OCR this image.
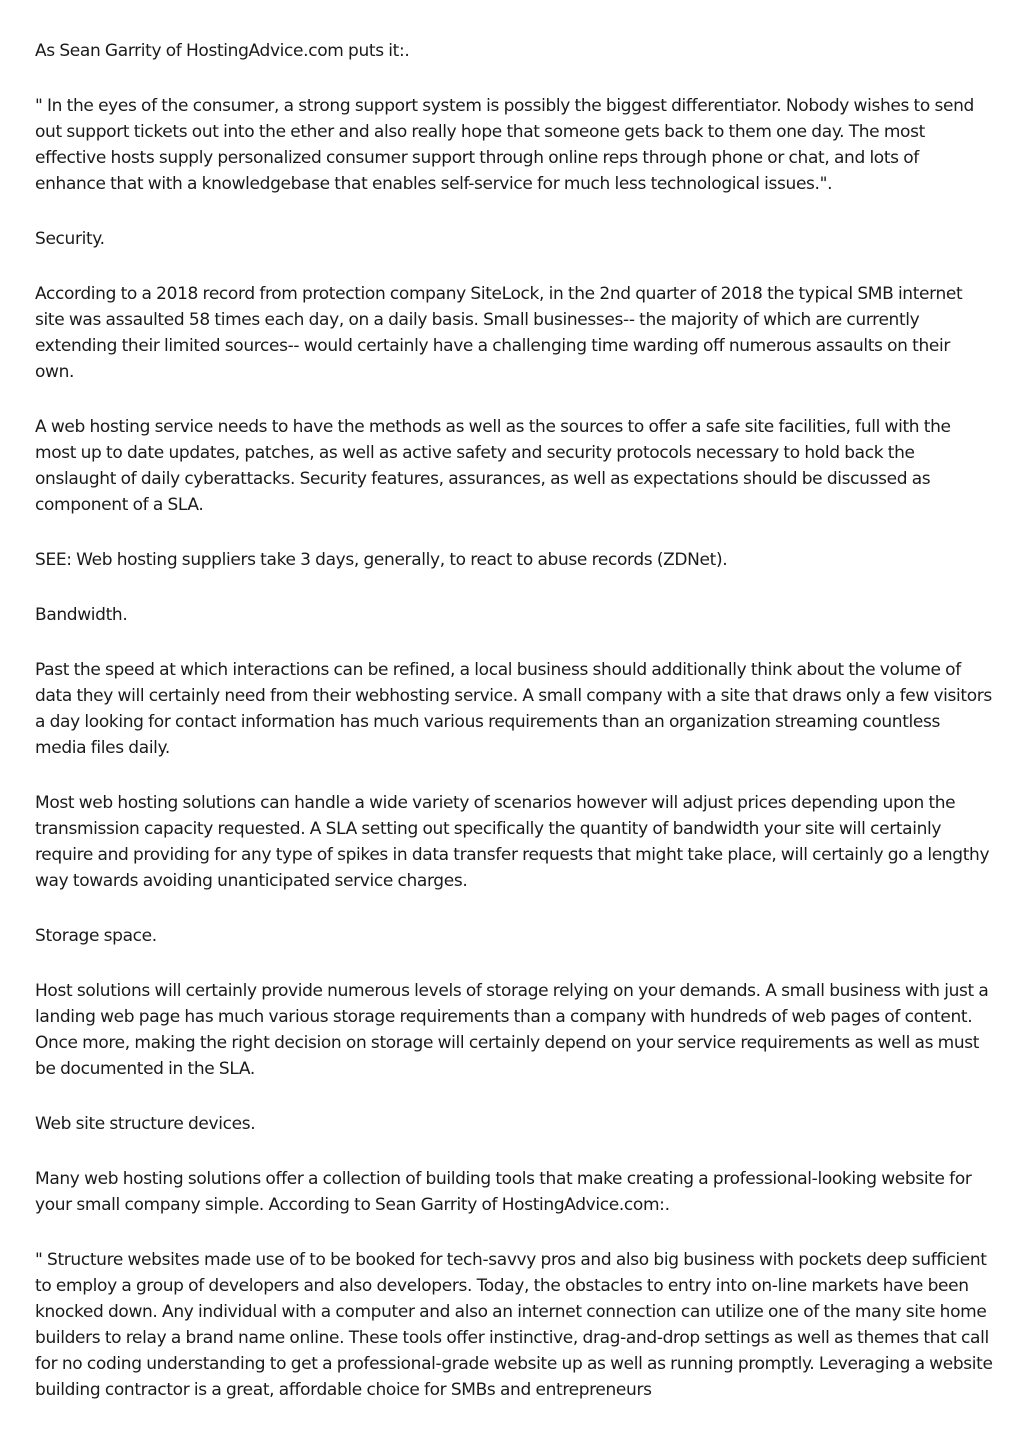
As Sean Garrity of HostingAdvice.com puts it:.

" In the eyes of the consumer, a strong support system is possibly the biggest differentiator. Nobody wishes to send out support tickets out into the ether and also really hope that someone gets back to them one day. The most effective hosts supply personalized consumer support through online reps through phone or chat, and lots of enhance that with a knowledgebase that enables self-service for much less technological issues.".

Security.

According to a 2018 record from protection company SiteLock, in the 2nd quarter of 2018 the typical SMB internet site was assaulted 58 times each day, on a daily basis. Small businesses-- the majority of which are currently extending their limited sources-- would certainly have a challenging time warding off numerous assaults on their own.

A web hosting service needs to have the methods as well as the sources to offer a safe site facilities, full with the most up to date updates, patches, as well as active safety and security protocols necessary to hold back the onslaught of daily cyberattacks. Security features, assurances, as well as expectations should be discussed as component of a SLA.

SEE: Web hosting suppliers take 3 days, generally, to react to abuse records (ZDNet).

Bandwidth.

Past the speed at which interactions can be refined, a local business should additionally think about the volume of data they will certainly need from their webhosting service. A small company with a site that draws only a few visitors a day looking for contact information has much various requirements than an organization streaming countless media files daily.

Most web hosting solutions can handle a wide variety of scenarios however will adjust prices depending upon the transmission capacity requested. A SLA setting out specifically the quantity of bandwidth your site will certainly require and providing for any type of spikes in data transfer requests that might take place, will certainly go a lengthy way towards avoiding unanticipated service charges.

Storage space.

Host solutions will certainly provide numerous levels of storage relying on your demands. A small business with just a landing web page has much various storage requirements than a company with hundreds of web pages of content. Once more, making the right decision on storage will certainly depend on your service requirements as well as must be documented in the SLA.

Web site structure devices.

Many web hosting solutions offer a collection of building tools that make creating a professional-looking website for your small company simple. According to Sean Garrity of HostingAdvice.com:.

" Structure websites made use of to be booked for tech-savvy pros and also big business with pockets deep sufficient to employ a group of developers and also developers. Today, the obstacles to entry into on-line markets have been knocked down. Any individual with a computer and also an internet connection can utilize one of the many site home builders to relay a brand name online. These tools offer instinctive, drag-and-drop settings as well as themes that call for no coding understanding to get a professional-grade website up as well as running promptly. Leveraging a website building contractor is a great, affordable choice for SMBs and entrepreneurs
